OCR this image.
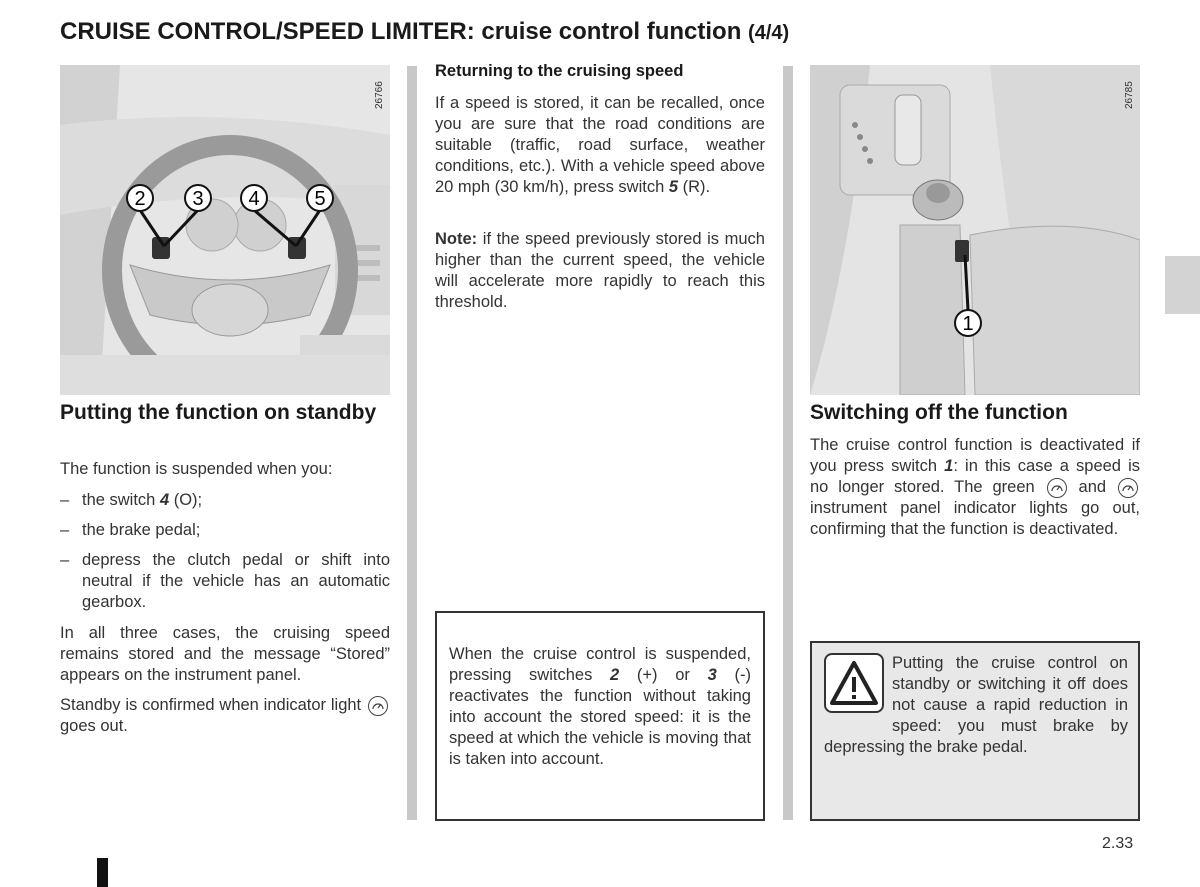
CRUISE CONTROL/SPEED LIMITER: cruise control function (4/4)
2 3 4	5
26766
Putting the function on standby
The function is suspended when you:
– the switch 4 (O);
– the brake pedal;
– depress the clutch pedal or shift into neutral if the vehicle has an automatic gearbox.
In all three cases, the cruising speed remains stored and the message “Stored” appears on the instrument panel.
Standby is confirmed when indicator light
goes out.
Returning to the cruising speed
If a speed is stored, it can be recalled, once you are sure that the road conditions are suitable (traffic, road surface, weather conditions, etc.). With a vehicle speed above 20 mph (30 km/h), press switch 5 (R).
Note: if the speed previously stored is much higher than the current speed, the vehicle will accelerate more rapidly to reach this threshold.
When the cruise control is suspended, pressing switches 2 (+) or 3 (-) reactivates the function without taking into account the stored speed: it is the speed at which the vehicle is moving that is taken into account.
1
26785
Switching off the function
The cruise control function is deactivated if you press switch 1: in this case a speed is no longer stored. The green	and
instrument panel indicator lights go out, confirming that the function is deactivated.
Putting the cruise control on standby or switching it off does not cause a rapid reduction in speed: you must brake by depressing the brake pedal.
2.33
